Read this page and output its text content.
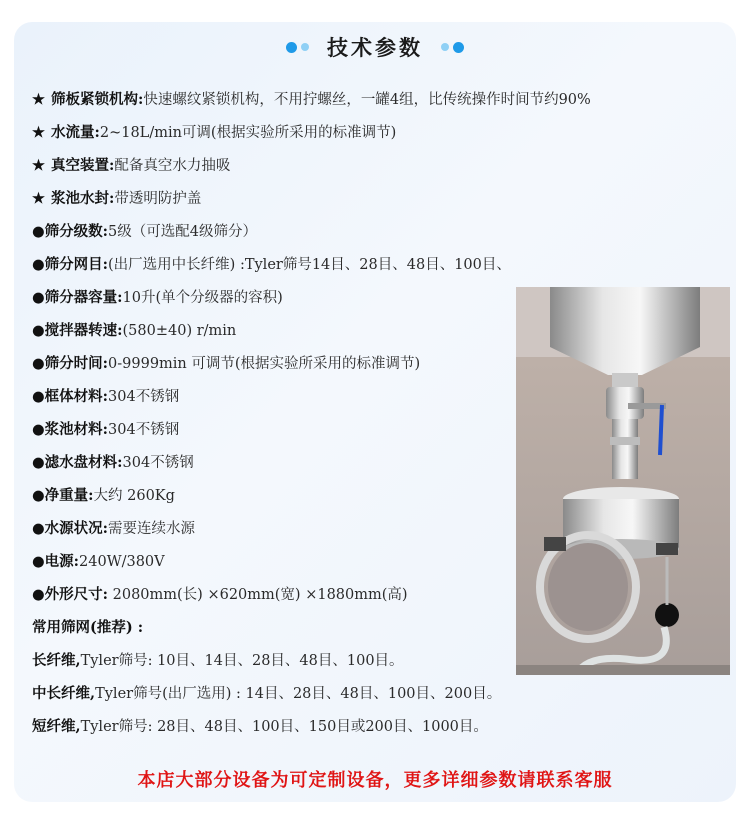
技术参数
★ 筛板紧锁机构:快速螺纹紧锁机构，不用拧螺丝，一罐4组，比传统操作时间节约90%
★ 水流量:2~18L/min可调(根据实验所采用的标准调节)
★ 真空装置:配备真空水力抽吸
★ 浆池水封:带透明防护盖
●筛分级数:5级（可选配4级筛分）
●筛分网目:(出厂选用中长纤维) :Tyler筛号14目、28目、48目、100目、
●筛分器容量:10升(单个分级器的容积)
●搅拌器转速:(580±40) r/min
●筛分时间:0-9999min 可调节(根据实验所采用的标准调节)
●框体材料:304不锈钢
●浆池材料:304不锈钢
●滤水盘材料:304不锈钢
●净重量:大约 260Kg
●水源状况:需要连续水源
●电源:240W/380V
●外形尺寸: 2080mm(长) ×620mm(宽) ×1880mm(高)
常用筛网(推荐) :
长纤维,Tyler筛号: 10目、14目、28目、48目、100目。
中长纤维,Tyler筛号(出厂选用) : 14目、28目、48目、100目、200目。
短纤维,Tyler筛号: 28目、48目、100目、150目或200目、1000目。
本店大部分设备为可定制设备，更多详细参数请联系客服
